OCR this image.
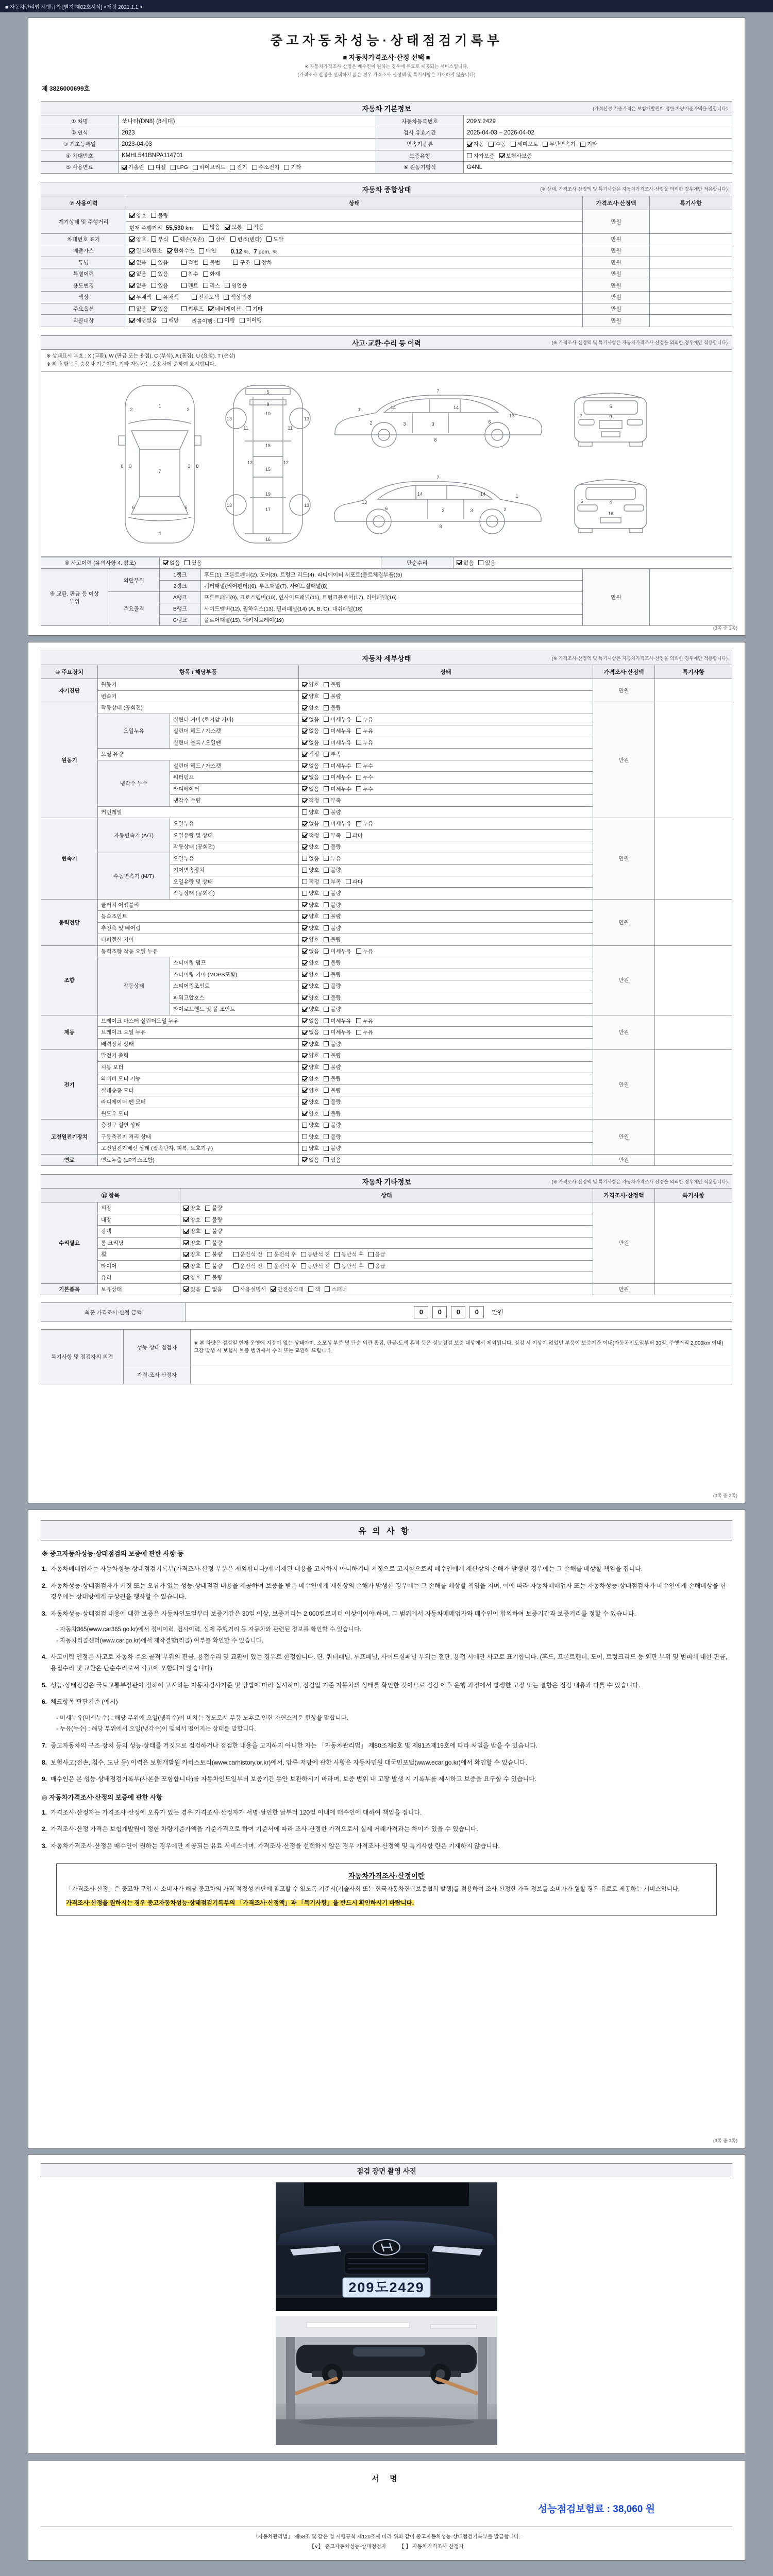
■ 자동차관리법 시행규칙 [별지 제82호서식] <개정 2021.1.1.>
중고자동차성능·상태점검기록부
■ 자동차가격조사·산정 선택 ■
※ 자동차가격조사·산정은 매수인이 원하는 경우에 유료로 제공되는 서비스입니다.
(가격조사·산정을 선택하지 않은 경우 가격조사·산정액 및 특기사항은 기재하지 않습니다)
제 3826000699호
자동차 기본정보	(가격산정 기준가격은 보험개발원이 정한 차량기준가액을 말합니다)
① 차명	쏘나타(DN8) (8세대)	자동차등록번호	209도2429
② 연식	2023	검사 유효기간	2025-04-03 ~ 2026-04-02
③ 최초등록일	2023-04-03	변속기종류	자동 수동 세미오토 무단변속기 기타

④ 차대번호	KMHL541BNPA114701	보증유형	자가보증 보험사보증

⑤ 사용연료	가솔린 디젤 LPG 하이브리드 전기 수소전기 기타	⑥ 원동기형식	G4NL
자동차 종합상태	(※ 상태, 가격조사·산정액 및 특기사항은 자동차가격조사·산정을 의뢰한 경우에만 적용합니다)
⑦ 사용이력	상태	가격조사·산정액	특기사항
계기상태 및 주행거리	양호 불량	만원	
	현재 주행거리 55,530 km 많음 보통 적음		

차대번호 표기	양호 부식 훼손(오손) 상이 변조(변타) 도말	만원	
배출가스	일산화탄소 탄화수소 매연 0.12 %, 7 ppm, %	만원	
튜닝	없음 있음	적법 불법	구조 장치	만원	
특별이력	없음 있음 침수 화재	만원	
용도변경	없음 있음 렌트 리스 영업용	만원	
색상	무채색 유채색 전체도색 색상변경	만원	
주요옵션	없음 있음 썬루프 네비게이션 기타	만원	
리콜대상	해당없음 해당 리콜이행 : 이행 미이행	만원	
사고·교환·수리 등 이력	(※ 가격조사·산정액 및 특기사항은 자동차가격조사·산정을 의뢰한 경우에만 적용합니다)
※ 상태표시 부호 : X (교환), W (판금 또는 용접), C (부식), A (흠집), U (요철), T (손상)
※ 하단 항목은 승용차 기준이며, 기타 자동차는 승용차에 준하여 표시합니다.
1
2	2
3	3
4
6	6
7
8	8
5
9
10
11	11
18
12	12
13	13
13	13
15
19
17
16
1
2	3	3	6
7
8
14	14
13
1
2
3
3
6
7
8
14
14
13
9
5
2
4
16
6
⑧ 사고이력 (유의사항 4. 참조)	없음 있음	단순수리	없음 있음
⑨ 교환, 판금 등 이상 부위	외판부위	1랭크	후드(1), 프론트펜더(2), 도어(3), 트렁크 리드(4), 라디에이터 서포트(볼트체결부품)(5)	만원	
		2랭크	쿼터패널(리어펜더)(6), 루프패널(7), 사이드실패널(8)		
	주요골격	A랭크	프론트패널(9), 크로스멤버(10), 인사이드패널(11), 트렁크플로어(17), 리어패널(16)		
		B랭크	사이드멤버(12), 휠하우스(13), 필러패널(14) (A, B, C), 대쉬패널(18)		
		C랭크	플로어패널(15), 패키지트레이(19)		
(3쪽 중 1쪽)
자동차 세부상태	(※ 가격조사·산정액 및 특기사항은 자동차가격조사·산정을 의뢰한 경우에만 적용합니다)
⑩ 주요장치	항목 / 해당부품		상태	가격조사·산정액	특기사항
자기진단	원동기		양호 불량	만원	
	변속기		양호 불량		

원동기	작동상태 (공회전)		양호 불량	만원	
	오일누유	실린더 커버 (로커암 커버)	없음 미세누유 누유		

		실린더 헤드 / 가스켓	없음 미세누유 누유		

		실린더 블록 / 오일팬	없음 미세누유 누유		

	오일 유량		적정 부족		

	냉각수 누수	실린더 헤드 / 가스켓	없음 미세누수 누수		

		워터펌프	없음 미세누수 누수		

		라디에이터	없음 미세누수 누수		

		냉각수 수량	적정 부족		

	커먼레일		양호 불량		

변속기	자동변속기 (A/T)	오일누유	없음 미세누유 누유	만원	
		오일유량 및 상태	적정 부족 과다		

		작동상태 (공회전)	양호 불량		

	수동변속기 (M/T)	오일누유	없음 누유		

		기어변속장치	양호 불량		

		오일유량 및 상태	적정 부족 과다		

		작동상태 (공회전)	양호 불량		

동력전달	클러치 어셈블리		양호 불량	만원	
	등속조인트		양호 불량		

	추진축 및 베어링		양호 불량		

	디퍼렌셜 기어		양호 불량		

조향	동력조향 작동 오일 누유		없음 미세누유 누유	만원	
	작동상태	스티어링 펌프	양호 불량		

		스티어링 기어 (MDPS포함)	양호 불량		

		스티어링조인트	양호 불량		

		파워고압호스	양호 불량		

		타이로드엔드 및 볼 조인트	양호 불량		

제동	브레이크 마스터 실린더오일 누유		없음 미세누유 누유	만원	
	브레이크 오일 누유		없음 미세누유 누유		

	배력장치 상태		양호 불량		

전기	발전기 출력		양호 불량	만원	
	시동 모터		양호 불량		

	와이퍼 모터 기능		양호 불량		

	실내송풍 모터		양호 불량		

	라디에이터 팬 모터		양호 불량		

	윈도우 모터		양호 불량		

고전원전기장치	충전구 절연 상태		양호 불량	만원	
	구동축전지 격리 상태		양호 불량		

	고전원전기배선 상태 (접속단자, 피복, 보호기구)		양호 불량		

연료	연료누출 (LP가스포함)		없음 있음	만원	
자동차 기타정보	(※ 가격조사·산정액 및 특기사항은 자동차가격조사·산정을 의뢰한 경우에만 적용합니다)
⑪ 항목		상태	가격조사·산정액	특기사항
수리필요	외장	양호 불량	만원	
	내장	양호 불량		

	광택	양호 불량		

	룸 크리닝	양호 불량		

휠	양호 불량	운전석 전 운전석 후 동반석 전 동반석 후 응급

타이어	양호 불량	운전석 전 운전석 후 동반석 전 동반석 후 응급

	유리	양호 불량		

기본품목	보유상태	있음 없음	사용설명서 안전삼각대 잭 스패너	만원	
최종 가격조사·산정 금액	0 0 0 0 만원
특기사항 및 점검자의 의견	성능·상태 점검자	※ 본 차량은 점검일 현재 운행에 지장이 없는 상태이며, 소모성 부품 및 단순 외관 흠집, 판금·도색 흔적 등은 성능점검 보증 대상에서 제외됩니다. 점검 시 이상이 없었던 부품이 보증기간 이내(자동차인도일부터 30일, 주행거리 2,000km 이내) 고장 발생 시 보험사 보증 범위에서 수리 또는 교환해 드립니다.
	가격·조사 산정자	
(3쪽 중 2쪽)
유의사항
※ 중고자동차성능·상태점검의 보증에 관한 사항 등
1. 자동차매매업자는 자동차성능·상태점검기록부(가격조사·산정 부분은 제외합니다)에 기재된 내용을 고지하지 아니하거나 거짓으로 고지함으로써 매수인에게 재산상의 손해가 발생한 경우에는 그 손해를 배상할 책임을 집니다.
2. 자동차성능·상태점검자가 거짓 또는 오류가 있는 성능·상태점검 내용을 제공하여 보증을 받은 매수인에게 재산상의 손해가 발생한 경우에는 그 손해를 배상할 책임을 지며, 이에 따라 자동차매매업자 또는 자동차성능·상태점검자가 매수인에게 손해배상을 한 경우에는 상대방에게 구상권을 행사할 수 있습니다.
3. 자동차성능·상태점검 내용에 대한 보증은 자동차인도일부터 보증기간은 30일 이상, 보증거리는 2,000킬로미터 이상이어야 하며, 그 범위에서 자동차매매업자와 매수인이 합의하여 보증기간과 보증거리를 정할 수 있습니다.
- 자동차365(www.car365.go.kr)에서 정비이력, 검사이력, 실제 주행거리 등 자동차와 관련된 정보를 확인할 수 있습니다.
- 자동차리콜센터(www.car.go.kr)에서 제작결함(리콜) 여부를 확인할 수 있습니다.
4. 사고이력 인정은 사고로 자동차 주요 골격 부위의 판금, 용접수리 및 교환이 있는 경우로 한정합니다. 단, 쿼터패널, 루프패널, 사이드실패널 부위는 절단, 용접 시에만 사고로 표기합니다. (후드, 프론트펜더, 도어, 트렁크리드 등 외판 부위 및 범퍼에 대한 판금, 용접수리 및 교환은 단순수리로서 사고에 포함되지 않습니다)
5. 성능·상태점검은 국토교통부장관이 정하여 고시하는 자동차검사기준 및 방법에 따라 실시하며, 점검일 기준 자동차의 상태를 확인한 것이므로 점검 이후 운행 과정에서 발생한 고장 또는 결함은 점검 내용과 다를 수 있습니다.
6. 체크항목 판단기준 (예시)
- 미세누유(미세누수) : 해당 부위에 오일(냉각수)이 비치는 정도로서 부품 노후로 인한 자연스러운 현상을 말합니다.
- 누유(누수) : 해당 부위에서 오일(냉각수)이 맺혀서 떨어지는 상태를 말합니다.
7. 중고자동차의 구조·장치 등의 성능·상태를 거짓으로 점검하거나 점검한 내용을 고지하지 아니한 자는 「자동차관리법」 제80조제6호 및 제81조제19호에 따라 처벌을 받을 수 있습니다.
8. 보험사고(전손, 침수, 도난 등) 이력은 보험개발원 카히스토리(www.carhistory.or.kr)에서, 압류·저당에 관한 사항은 자동차민원 대국민포털(www.ecar.go.kr)에서 확인할 수 있습니다.
9. 매수인은 본 성능·상태점검기록부(사본을 포함합니다)를 자동차인도일부터 보증기간 동안 보관하시기 바라며, 보증 범위 내 고장 발생 시 기록부를 제시하고 보증을 요구할 수 있습니다.
◎ 자동차가격조사·산정의 보증에 관한 사항
1. 가격조사·산정자는 가격조사·산정에 오류가 있는 경우 가격조사·산정자가 서명·날인한 날부터 120일 이내에 매수인에 대하여 책임을 집니다.
2. 가격조사·산정 가격은 보험개발원이 정한 차량기준가액을 기준가격으로 하여 기준서에 따라 조사·산정한 가격으로서 실제 거래가격과는 차이가 있을 수 있습니다.
3. 자동차가격조사·산정은 매수인이 원하는 경우에만 제공되는 유료 서비스이며, 가격조사·산정을 선택하지 않은 경우 가격조사·산정액 및 특기사항 란은 기재하지 않습니다.
자동차가격조사·산정이란
「가격조사·산정」은 중고차 구입 시 소비자가 해당 중고차의 가격 적정성 판단에 참고할 수 있도록 기준서(기술사회 또는 한국자동차진단보증협회 발행)를 적용하여 조사·산정한 가격 정보를 소비자가 원할 경우 유료로 제공하는 서비스입니다.
가격조사·산정을 원하시는 경우 중고자동차성능·상태점검기록부의 「가격조사·산정액」과 「특기사항」을 반드시 확인하시기 바랍니다.
(3쪽 중 3쪽)
점검 장면 촬영 사진
209도2429
서 명
성능점검보험료 : 38,060 원
「자동차관리법」 제58조 및 같은 법 시행규칙 제120조에 따라 위와 같이 중고자동차성능·상태점검기록부를 발급합니다.
【∨】 중고자동차성능·상태점검자　　　【 】 자동차가격조사·산정자
